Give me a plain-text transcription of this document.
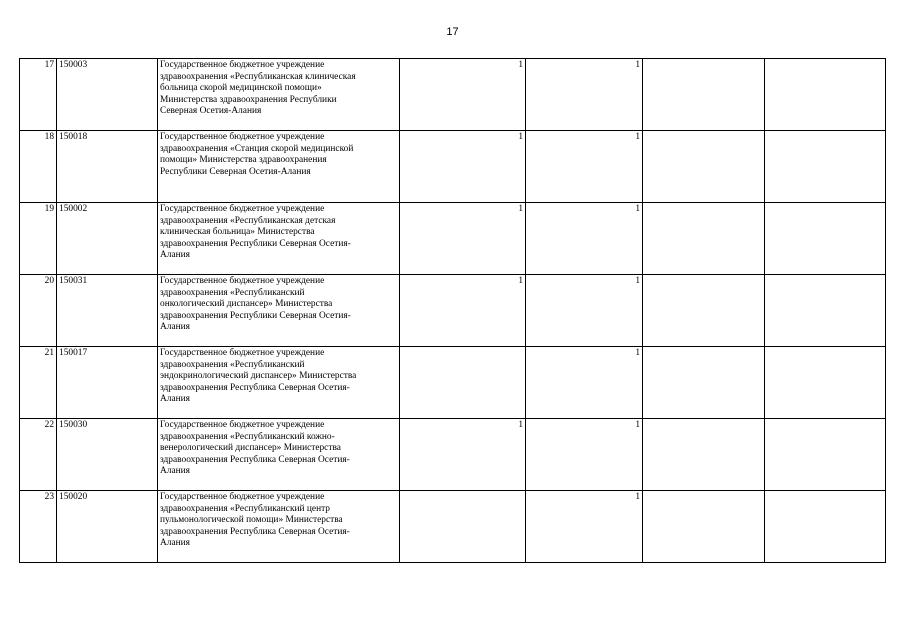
17
17	150003	Государственное бюджетное учреждение
здравоохранения «Республиканская клиническая
больница скорой медицинской помощи»
Министерства здравоохранения Республики
Северная Осетия-Алания	1	1		
18	150018	Государственное бюджетное учреждение
здравоохранения «Станция скорой медицинской
помощи» Министерства здравоохранения
Республики Северная Осетия-Алания	1	1		
19	150002	Государственное бюджетное учреждение
здравоохранения «Республиканская детская
клиническая больница» Министерства
здравоохранения Республики Северная Осетия-
Алания	1	1		
20	150031	Государственное бюджетное учреждение
здравоохранения «Республиканский
онкологический диспансер» Министерства
здравоохранения Республики Северная Осетия-
Алания	1	1		
21	150017	Государственное бюджетное учреждение
здравоохранения «Республиканский
эндокринологический диспансер» Министерства
здравоохранения Республика Северная Осетия-
Алания		1		
22	150030	Государственное бюджетное учреждение
здравоохранения «Республиканский кожно-
венерологический диспансер» Министерства
здравоохранения Республика Северная Осетия-
Алания	1	1		
23	150020	Государственное бюджетное учреждение
здравоохранения «Республиканский центр
пульмонологической помощи» Министерства
здравоохранения Республика Северная Осетия-
Алания		1		
